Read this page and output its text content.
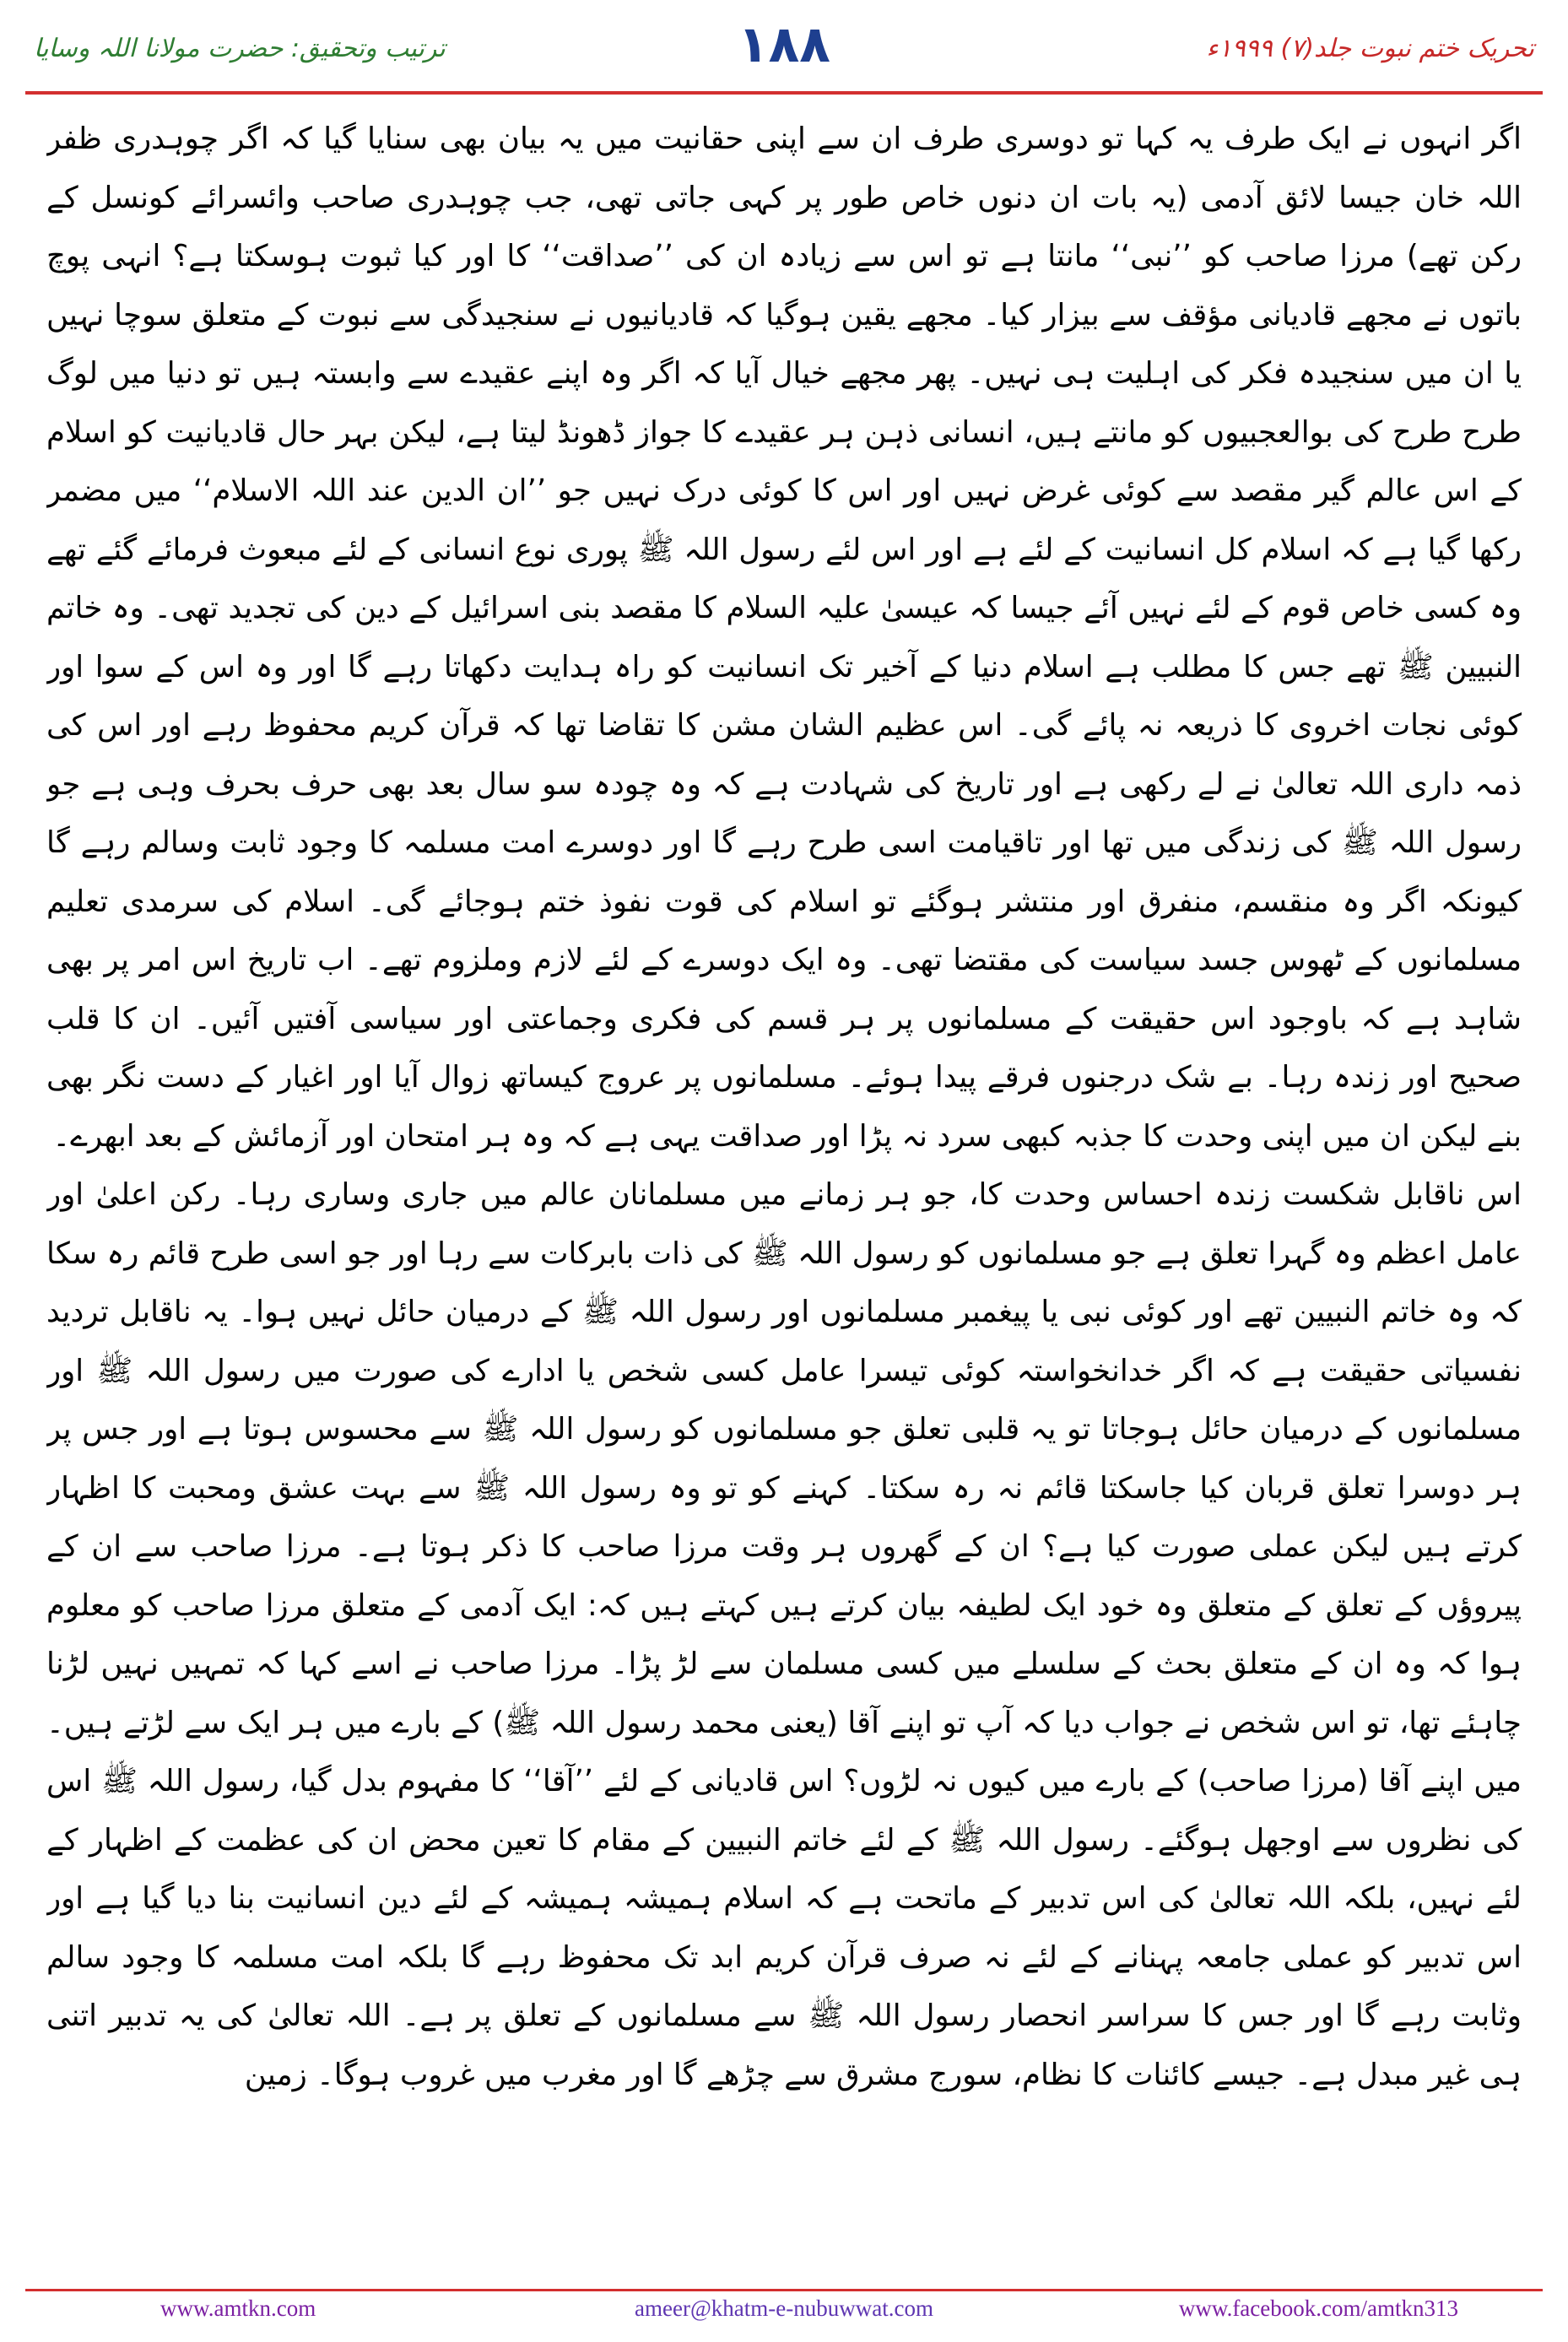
ترتیب وتحقیق: حضرت مولانا اللہ وسایا	۱۸۸	تحریک ختم نبوت جلد(۷) ۱۹۹۹ء

اگر انہوں نے ایک طرف یہ کہا تو دوسری طرف ان سے اپنی حقانیت میں یہ بیان بھی سنایا گیا کہ اگر چوہدری ظفر اللہ خان جیسا لائق آدمی (یہ بات ان دنوں خاص طور پر کہی جاتی تھی، جب چوہدری صاحب وائسرائے کونسل کے رکن تھے) مرزا صاحب کو ’’نبی‘‘ مانتا ہے تو اس سے زیادہ ان کی ’’صداقت‘‘ کا اور کیا ثبوت ہوسکتا ہے؟ انہی پوچ باتوں نے مجھے قادیانی مؤقف سے بیزار کیا۔ مجھے یقین ہوگیا کہ قادیانیوں نے سنجیدگی سے نبوت کے متعلق سوچا نہیں یا ان میں سنجیدہ فکر کی اہلیت ہی نہیں۔ پھر مجھے خیال آیا کہ اگر وہ اپنے عقیدے سے وابستہ ہیں تو دنیا میں لوگ طرح طرح کی بوالعجبیوں کو مانتے ہیں، انسانی ذہن ہر عقیدے کا جواز ڈھونڈ لیتا ہے، لیکن بہر حال قادیانیت کو اسلام کے اس عالم گیر مقصد سے کوئی غرض نہیں اور اس کا کوئی درک نہیں جو ’’ان الدین عند اللہ الاسلام‘‘ میں مضمر رکھا گیا ہے کہ اسلام کل انسانیت کے لئے ہے اور اس لئے رسول اللہ ﷺ پوری نوع انسانی کے لئے مبعوث فرمائے گئے تھے وہ کسی خاص قوم کے لئے نہیں آئے جیسا کہ عیسیٰ علیہ السلام کا مقصد بنی اسرائیل کے دین کی تجدید تھی۔ وہ خاتم النبیین ﷺ تھے جس کا مطلب ہے اسلام دنیا کے آخیر تک انسانیت کو راہ ہدایت دکھاتا رہے گا اور وہ اس کے سوا اور کوئی نجات اخروی کا ذریعہ نہ پائے گی۔ اس عظیم الشان مشن کا تقاضا تھا کہ قرآن کریم محفوظ رہے اور اس کی ذمہ داری اللہ تعالیٰ نے لے رکھی ہے اور تاریخ کی شہادت ہے کہ وہ چودہ سو سال بعد بھی حرف بحرف وہی ہے جو رسول اللہ ﷺ کی زندگی میں تھا اور تاقیامت اسی طرح رہے گا اور دوسرے امت مسلمہ کا وجود ثابت وسالم رہے گا کیونکہ اگر وہ منقسم، منفرق اور منتشر ہوگئے تو اسلام کی قوت نفوذ ختم ہوجائے گی۔ اسلام کی سرمدی تعلیم مسلمانوں کے ٹھوس جسد سیاست کی مقتضا تھی۔ وہ ایک دوسرے کے لئے لازم وملزوم تھے۔ اب تاریخ اس امر پر بھی شاہد ہے کہ باوجود اس حقیقت کے مسلمانوں پر ہر قسم کی فکری وجماعتی اور سیاسی آفتیں آئیں۔ ان کا قلب صحیح اور زندہ رہا۔ بے شک درجنوں فرقے پیدا ہوئے۔ مسلمانوں پر عروج کیساتھ زوال آیا اور اغیار کے دست نگر بھی بنے لیکن ان میں اپنی وحدت کا جذبہ کبھی سرد نہ پڑا اور صداقت یہی ہے کہ وہ ہر امتحان اور آزمائش کے بعد ابھرے۔

اس ناقابل شکست زندہ احساس وحدت کا، جو ہر زمانے میں مسلمانان عالم میں جاری وساری رہا۔ رکن اعلیٰ اور عامل اعظم وہ گہرا تعلق ہے جو مسلمانوں کو رسول اللہ ﷺ کی ذات بابرکات سے رہا اور جو اسی طرح قائم رہ سکا کہ وہ خاتم النبیین تھے اور کوئی نبی یا پیغمبر مسلمانوں اور رسول اللہ ﷺ کے درمیان حائل نہیں ہوا۔ یہ ناقابل تردید نفسیاتی حقیقت ہے کہ اگر خدانخواستہ کوئی تیسرا عامل کسی شخص یا ادارے کی صورت میں رسول اللہ ﷺ اور مسلمانوں کے درمیان حائل ہوجاتا تو یہ قلبی تعلق جو مسلمانوں کو رسول اللہ ﷺ سے محسوس ہوتا ہے اور جس پر ہر دوسرا تعلق قربان کیا جاسکتا قائم نہ رہ سکتا۔ کہنے کو تو وہ رسول اللہ ﷺ سے بہت عشق ومحبت کا اظہار کرتے ہیں لیکن عملی صورت کیا ہے؟ ان کے گھروں ہر وقت مرزا صاحب کا ذکر ہوتا ہے۔ مرزا صاحب سے ان کے پیروؤں کے تعلق کے متعلق وہ خود ایک لطیفہ بیان کرتے ہیں کہتے ہیں کہ: ایک آدمی کے متعلق مرزا صاحب کو معلوم ہوا کہ وہ ان کے متعلق بحث کے سلسلے میں کسی مسلمان سے لڑ پڑا۔ مرزا صاحب نے اسے کہا کہ تمہیں نہیں لڑنا چاہئے تھا، تو اس شخص نے جواب دیا کہ آپ تو اپنے آقا (یعنی محمد رسول اللہ ﷺ) کے بارے میں ہر ایک سے لڑتے ہیں۔ میں اپنے آقا (مرزا صاحب) کے بارے میں کیوں نہ لڑوں؟ اس قادیانی کے لئے ’’آقا‘‘ کا مفہوم بدل گیا، رسول اللہ ﷺ اس کی نظروں سے اوجھل ہوگئے۔ رسول اللہ ﷺ کے لئے خاتم النبیین کے مقام کا تعین محض ان کی عظمت کے اظہار کے لئے نہیں، بلکہ اللہ تعالیٰ کی اس تدبیر کے ماتحت ہے کہ اسلام ہمیشہ ہمیشہ کے لئے دین انسانیت بنا دیا گیا ہے اور اس تدبیر کو عملی جامعہ پہنانے کے لئے نہ صرف قرآن کریم ابد تک محفوظ رہے گا بلکہ امت مسلمہ کا وجود سالم وثابت رہے گا اور جس کا سراسر انحصار رسول اللہ ﷺ سے مسلمانوں کے تعلق پر ہے۔ اللہ تعالیٰ کی یہ تدبیر اتنی ہی غیر مبدل ہے۔ جیسے کائنات کا نظام، سورج مشرق سے چڑھے گا اور مغرب میں غروب ہوگا۔ زمین

www.amtkn.com	ameer@khatm-e-nubuwwat.com	www.facebook.com/amtkn313
